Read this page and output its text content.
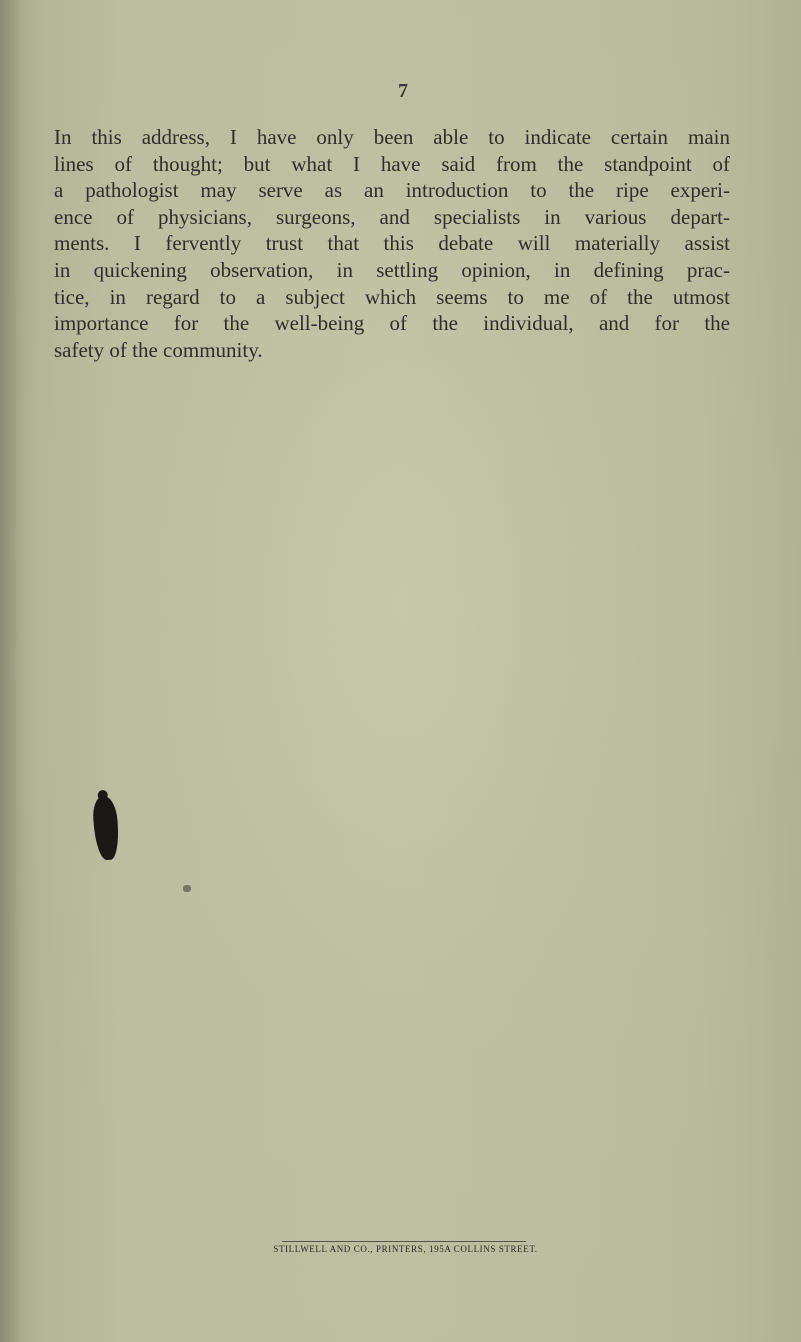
7
In this address, I have only been able to indicate certain main
lines of thought; but what I have said from the standpoint of
a pathologist may serve as an introduction to the ripe experi-
ence of physicians, surgeons, and specialists in various depart-
ments. I fervently trust that this debate will materially assist
in quickening observation, in settling opinion, in defining prac-
tice, in regard to a subject which seems to me of the utmost
importance for the well-being of the individual, and for the
safety of the community.
STILLWELL AND CO., PRINTERS, 195A COLLINS STREET.
